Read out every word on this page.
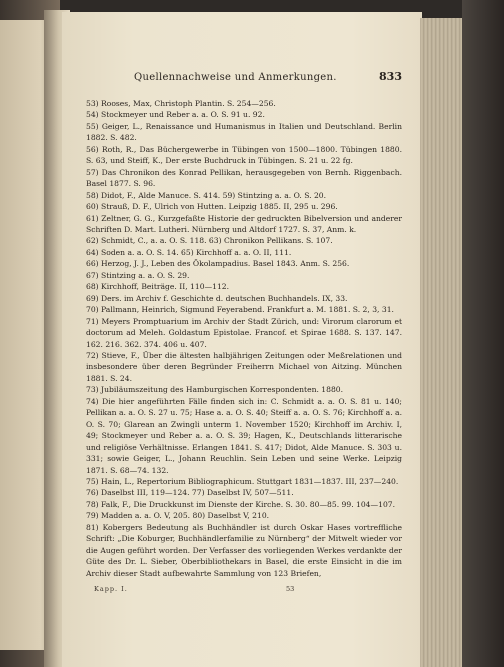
Quellennachweise und Anmerkungen.	833

53) Rooses, Max, Christoph Plantin. S. 254—256.

54) Stockmeyer und Reber a. a. O. S. 91 u. 92.

55) Geiger, L., Renaissance und Humanismus in Italien und Deutschland. Berlin 1882. S. 482.

56) Roth, R., Das Büchergewerbe in Tübingen von 1500—1800. Tübingen 1880. S. 63, und Steiff, K., Der erste Buchdruck in Tübingen. S. 21 u. 22 fg.

57) Das Chronikon des Konrad Pellikan, herausgegeben von Bernh. Riggenbach. Basel 1877. S. 96.

58) Didot, F., Alde Manuce. S. 414. 59) Stintzing a. a. O. S. 20.

60) Strauß, D. F., Ulrich von Hutten. Leipzig 1885. II, 295 u. 296.

61) Zeltner, G. G., Kurzgefaßte Historie der gedruckten Bibelversion und anderer Schriften D. Mart. Lutheri. Nürnberg und Altdorf 1727. S. 37, Anm. k.

62) Schmidt, C., a. a. O. S. 118. 63) Chronikon Pellikans. S. 107.

64) Soden a. a. O. S. 14. 65) Kirchhoff a. a. O. II, 111.

66) Herzog, J. J., Leben des Ökolampadius. Basel 1843. Anm. S. 256.

67) Stintzing a. a. O. S. 29.

68) Kirchhoff, Beiträge. II, 110—112.

69) Ders. im Archiv f. Geschichte d. deutschen Buchhandels. IX, 33.

70) Pallmann, Heinrich, Sigmund Feyerabend. Frankfurt a. M. 1881. S. 2, 3, 31.

71) Meyers Promptuarium im Archiv der Stadt Zürich, und: Virorum clarorum et doctorum ad Meleh. Goldastum Epistolae. Francof. et Spirae 1688. S. 137. 147. 162. 216. 362. 374. 406 u. 407.

72) Stieve, F., Über die ältesten halbjährigen Zeitungen oder Meßrelationen und insbesondere über deren Begründer Freiherrn Michael von Aitzing. München 1881. S. 24.

73) Jubiläumszeitung des Hamburgischen Korrespondenten. 1880.

74) Die hier angeführten Fälle finden sich in: C. Schmidt a. a. O. S. 81 u. 140; Pellikan a. a. O. S. 27 u. 75; Hase a. a. O. S. 40; Steiff a. a. O. S. 76; Kirchhoff a. a. O. S. 70; Glarean an Zwingli unterm 1. November 1520; Kirchhoff im Archiv. I, 49; Stockmeyer und Reber a. a. O. S. 39; Hagen, K., Deutschlands litterarische und religiöse Verhältnisse. Erlangen 1841. S. 417; Didot, Alde Manuce. S. 303 u. 331; sowie Geiger, L., Johann Reuchlin. Sein Leben und seine Werke. Leipzig 1871. S. 68—74. 132.

75) Hain, L., Repertorium Bibliographicum. Stuttgart 1831—1837. III, 237—240.

76) Daselbst III, 119—124. 77) Daselbst IV, 507—511.

78) Falk, F., Die Druckkunst im Dienste der Kirche. S. 30. 80—85. 99. 104—107.

79) Madden a. a. O. V, 205. 80) Daselbst V, 210.

81) Kobergers Bedeutung als Buchhändler ist durch Oskar Hases vortreffliche Schrift: „Die Koburger, Buchhändlerfamilie zu Nürnberg“ der Mitwelt wieder vor die Augen geführt worden. Der Verfasser des vorliegenden Werkes verdankte der Güte des Dr. L. Sieber, Oberbibliothekars in Basel, die erste Einsicht in die im Archiv dieser Stadt aufbewahrte Sammlung von 123 Briefen,

Kapp. I.	53
